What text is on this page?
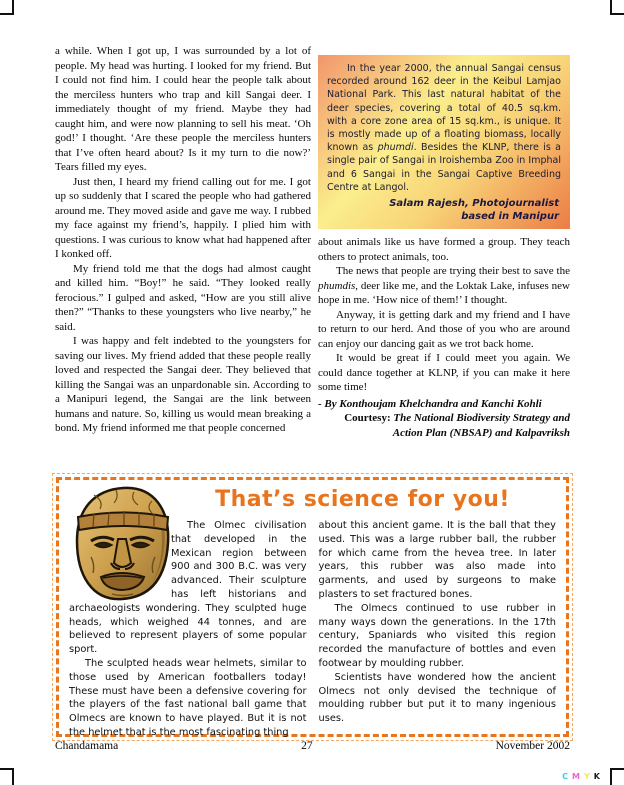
a while. When I got up, I was surrounded by a lot of people. My head was hurting. I looked for my friend. But I could not find him. I could hear the people talk about the merciless hunters who trap and kill Sangai deer. I immediately thought of my friend. Maybe they had caught him, and were now planning to sell his meat. ‘Oh god!’ I thought. ‘Are these people the merciless hunters that I’ve often heard about? Is it my turn to die now?’ Tears filled my eyes.

Just then, I heard my friend calling out for me. I got up so suddenly that I scared the people who had gathered around me. They moved aside and gave me way. I rubbed my face against my friend’s, happily. I plied him with questions. I was curious to know what had happened after I konked off.

My friend told me that the dogs had almost caught and killed him. “Boy!” he said. “They looked really ferocious.” I gulped and asked, “How are you still alive then?” “Thanks to these youngsters who live nearby,” he said.

I was happy and felt indebted to the youngsters for saving our lives. My friend added that these people really loved and respected the Sangai deer. They believed that killing the Sangai was an unpardonable sin. According to a Manipuri legend, the Sangai are the link between humans and nature. So, killing us would mean breaking a bond. My friend informed me that people concerned

In the year 2000, the annual Sangai census recorded around 162 deer in the Keibul Lamjao National Park. This last natural habitat of the deer species, covering a total of 40.5 sq.km. with a core zone area of 15 sq.km., is unique. It is mostly made up of a floating biomass, locally known as phumdi. Besides the KLNP, there is a single pair of Sangai in Iroishemba Zoo in Imphal and 6 Sangai in the Sangai Captive Breeding Centre at Langol.

Salam Rajesh, Photojournalist
based in Manipur

about animals like us have formed a group. They teach others to protect animals, too.

The news that people are trying their best to save the phumdis, deer like me, and the Loktak Lake, infuses new hope in me. ‘How nice of them!’ I thought.

Anyway, it is getting dark and my friend and I have to return to our herd. And those of you who are around can enjoy our dancing gait as we trot back home.

It would be great if I could meet you again. We could dance together at KLNP, if you can make it here some time!

- By Konthoujam Khelchandra and Kanchi Kohli
Courtesy: The National Biodiversity Strategy and Action Plan (NBSAP) and Kalpavriksh
That’s science for you!

The Olmec civilisation that developed in the Mexican region between 900 and 300 B.C. was very advanced. Their sculpture has left historians and archaeologists wondering. They sculpted huge heads, which weighed 44 tonnes, and are believed to represent players of some popular sport.

The sculpted heads wear helmets, similar to those used by American footballers today! These must have been a defensive covering for the players of the fast national ball game that Olmecs are known to have played. But it is not the helmet that is the most fascinating thing

about this ancient game. It is the ball that they used. This was a large rubber ball, the rubber for which came from the hevea tree. In later years, this rubber was also made into garments, and used by surgeons to make plasters to set fractured bones.

The Olmecs continued to use rubber in many ways down the generations. In the 17th century, Spaniards who visited this region recorded the manufacture of bottles and even footwear by moulding rubber.

Scientists have wondered how the ancient Olmecs not only devised the technique of moulding rubber but put it to many ingenious uses.

Chandamama	27	November 2002
C M Y K
